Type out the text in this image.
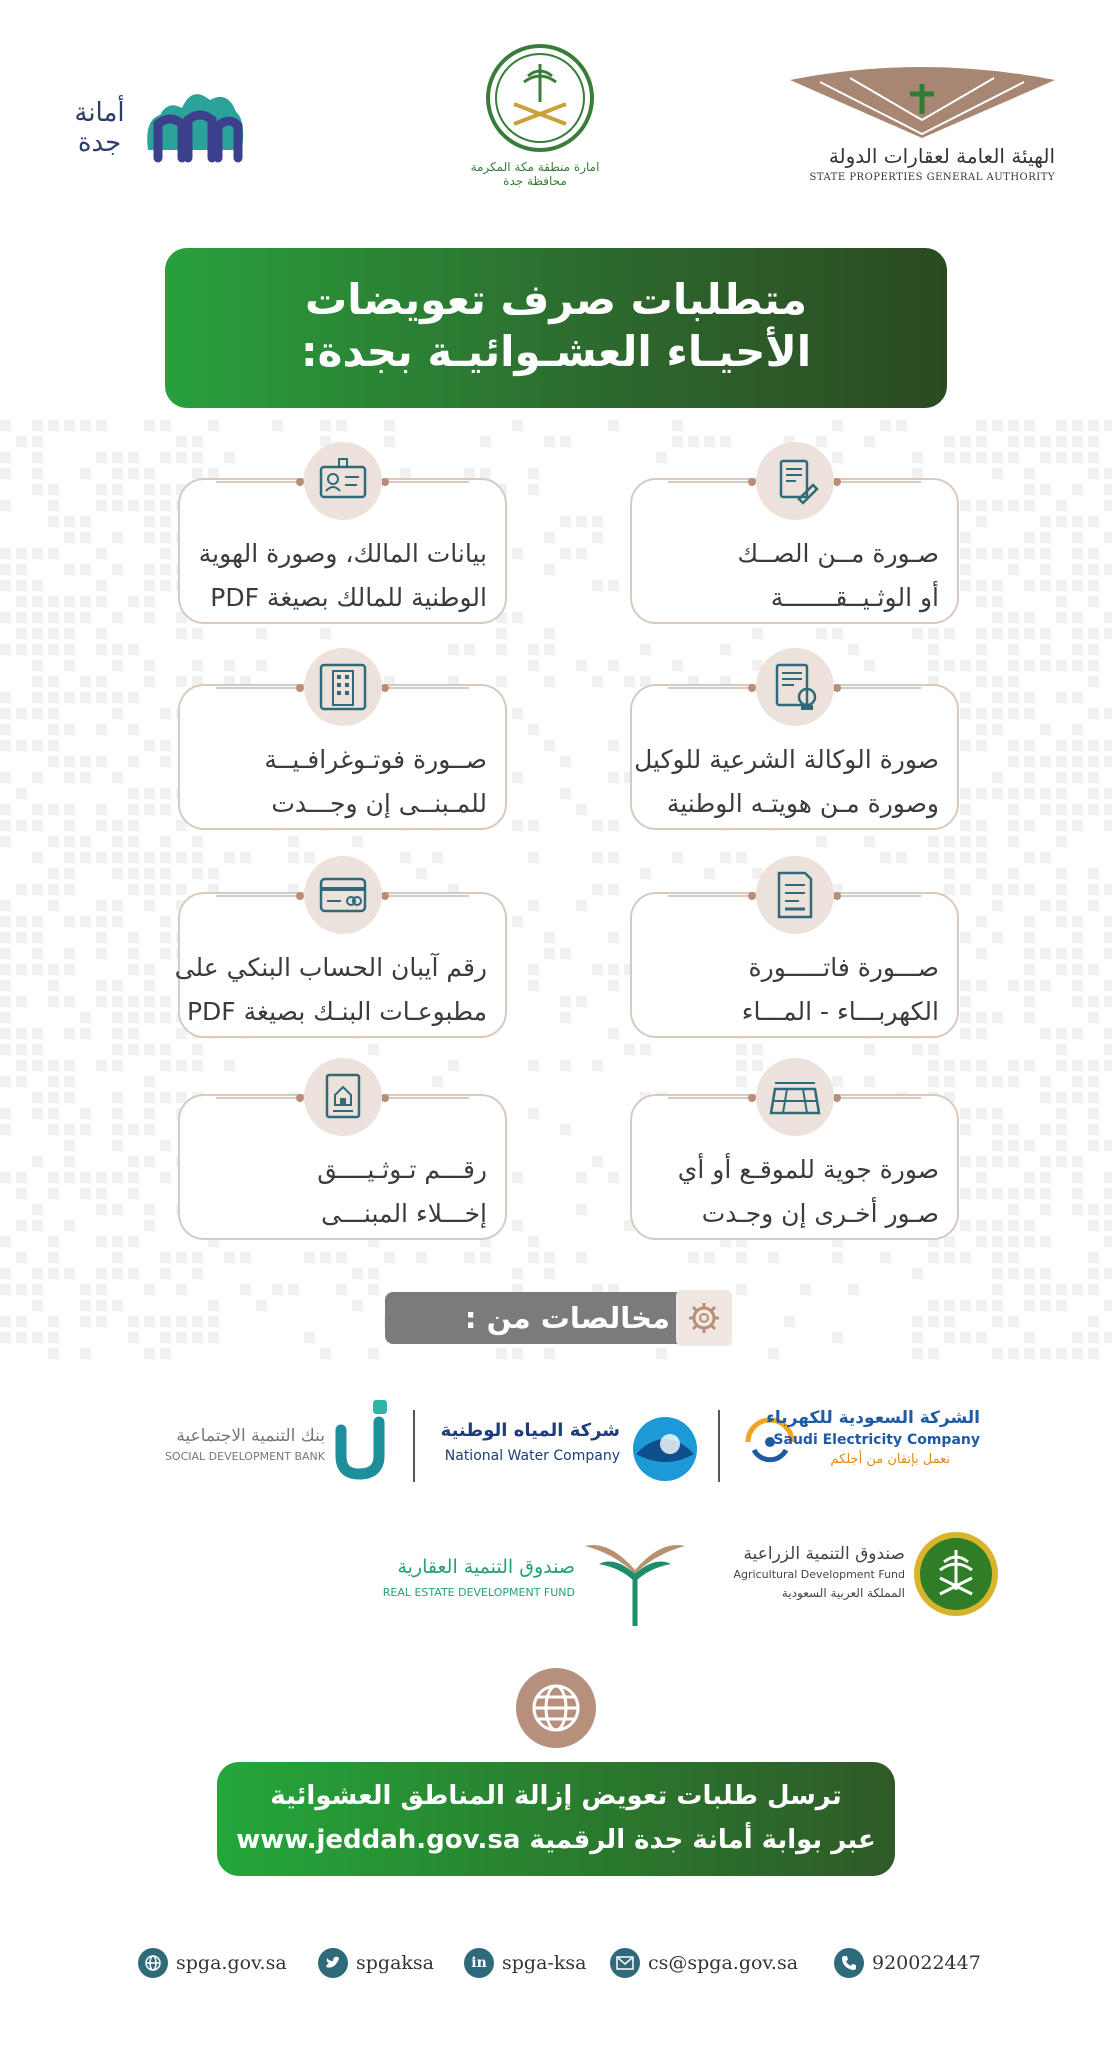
أمانة جدة
امارة منطقة مكة المكرمة محافظة جدة
الهيئة العامة لعقارات الدولة
STATE PROPERTIES GENERAL AUTHORITY
متطلبات صرف تعويضات
الأحيـاء العشـوائيـة بجدة:
صـورة مــن الصــك
أو الوثـيــقـــــــة
بيانات المالك، وصورة الهوية
الوطنية للمالك بصيغة PDF
صورة الوكالة الشرعية للوكيل
وصورة مـن هويتـه الوطنية
صــورة فوتـوغرافـيــة
للمـبنــى إن وجـــدت
صـــورة فاتـــــورة
الكهربـــاء - المـــاء
رقم آيبان الحساب البنكي على
مطبوعـات البنـك بصيغة PDF
صورة جوية للموقـع أو أي
صـور أخـرى إن وجـدت
رقـــم تـوثـيــــق
إخـــلاء المبنـــى
مخالصات من :
الشركة السعودية للكهرباء
Saudi Electricity Company
نعمل بإتقان من أجلكم
شركة المياه الوطنية
National Water Company
بنك التنمية الاجتماعية
SOCIAL DEVELOPMENT BANK
صندوق التنمية الزراعية
Agricultural Development Fund
المملكة العربية السعودية
صندوق التنمية العقارية
REAL ESTATE DEVELOPMENT FUND
ترسل طلبات تعويض إزالة المناطق العشوائية
عبر بوابة أمانة جدة الرقمية www.jeddah.gov.sa
spga.gov.sa	spgaksa	in spga-ksa	cs@spga.gov.sa	920022447
